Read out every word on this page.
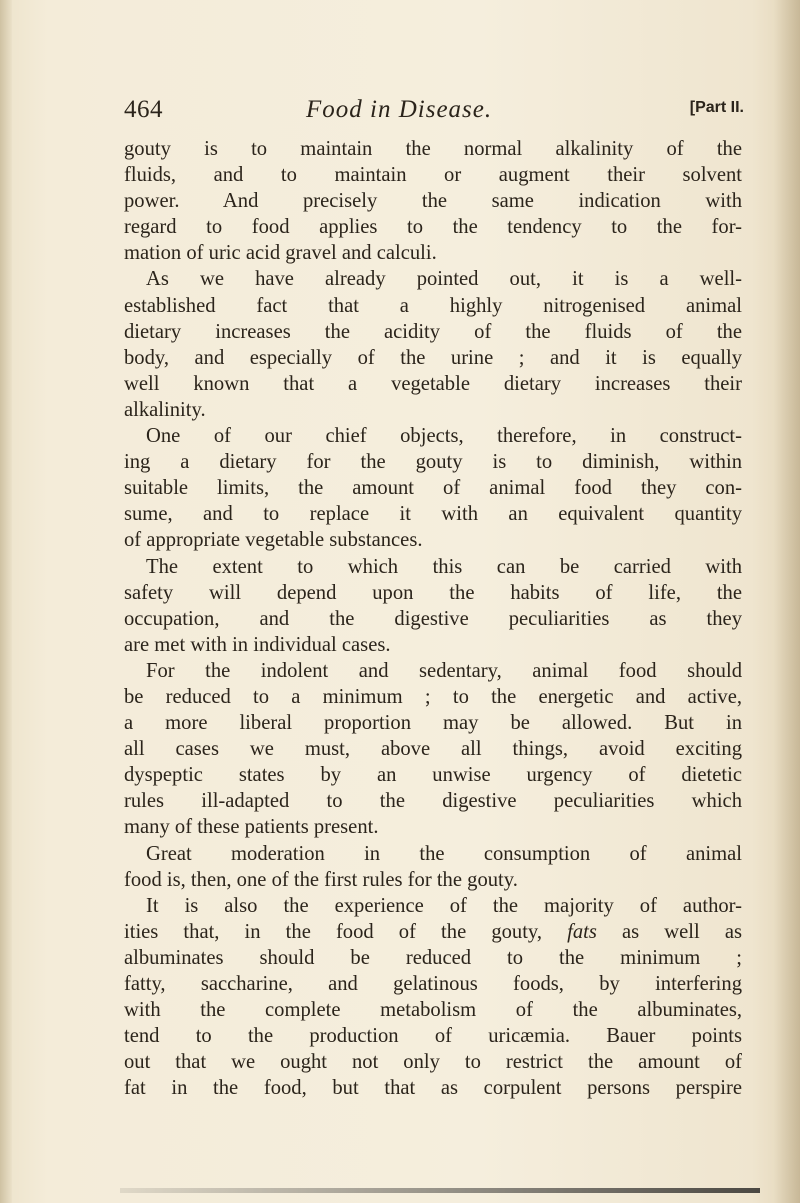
464	Food in Disease.	[Part II.
gouty is to maintain the normal alkalinity of the
fluids, and to maintain or augment their solvent
power. And precisely the same indication with
regard to food applies to the tendency to the for-
mation of uric acid gravel and calculi.
As we have already pointed out, it is a well-
established fact that a highly nitrogenised animal
dietary increases the acidity of the fluids of the
body, and especially of the urine ; and it is equally
well known that a vegetable dietary increases their
alkalinity.
One of our chief objects, therefore, in construct-
ing a dietary for the gouty is to diminish, within
suitable limits, the amount of animal food they con-
sume, and to replace it with an equivalent quantity
of appropriate vegetable substances.
The extent to which this can be carried with
safety will depend upon the habits of life, the
occupation, and the digestive peculiarities as they
are met with in individual cases.
For the indolent and sedentary, animal food should
be reduced to a minimum ; to the energetic and active,
a more liberal proportion may be allowed. But in
all cases we must, above all things, avoid exciting
dyspeptic states by an unwise urgency of dietetic
rules ill-adapted to the digestive peculiarities which
many of these patients present.
Great moderation in the consumption of animal
food is, then, one of the first rules for the gouty.
It is also the experience of the majority of author-
ities that, in the food of the gouty, fats as well as
albuminates should be reduced to the minimum ;
fatty, saccharine, and gelatinous foods, by interfering
with the complete metabolism of the albuminates,
tend to the production of uricæmia. Bauer points
out that we ought not only to restrict the amount of
fat in the food, but that as corpulent persons perspire
